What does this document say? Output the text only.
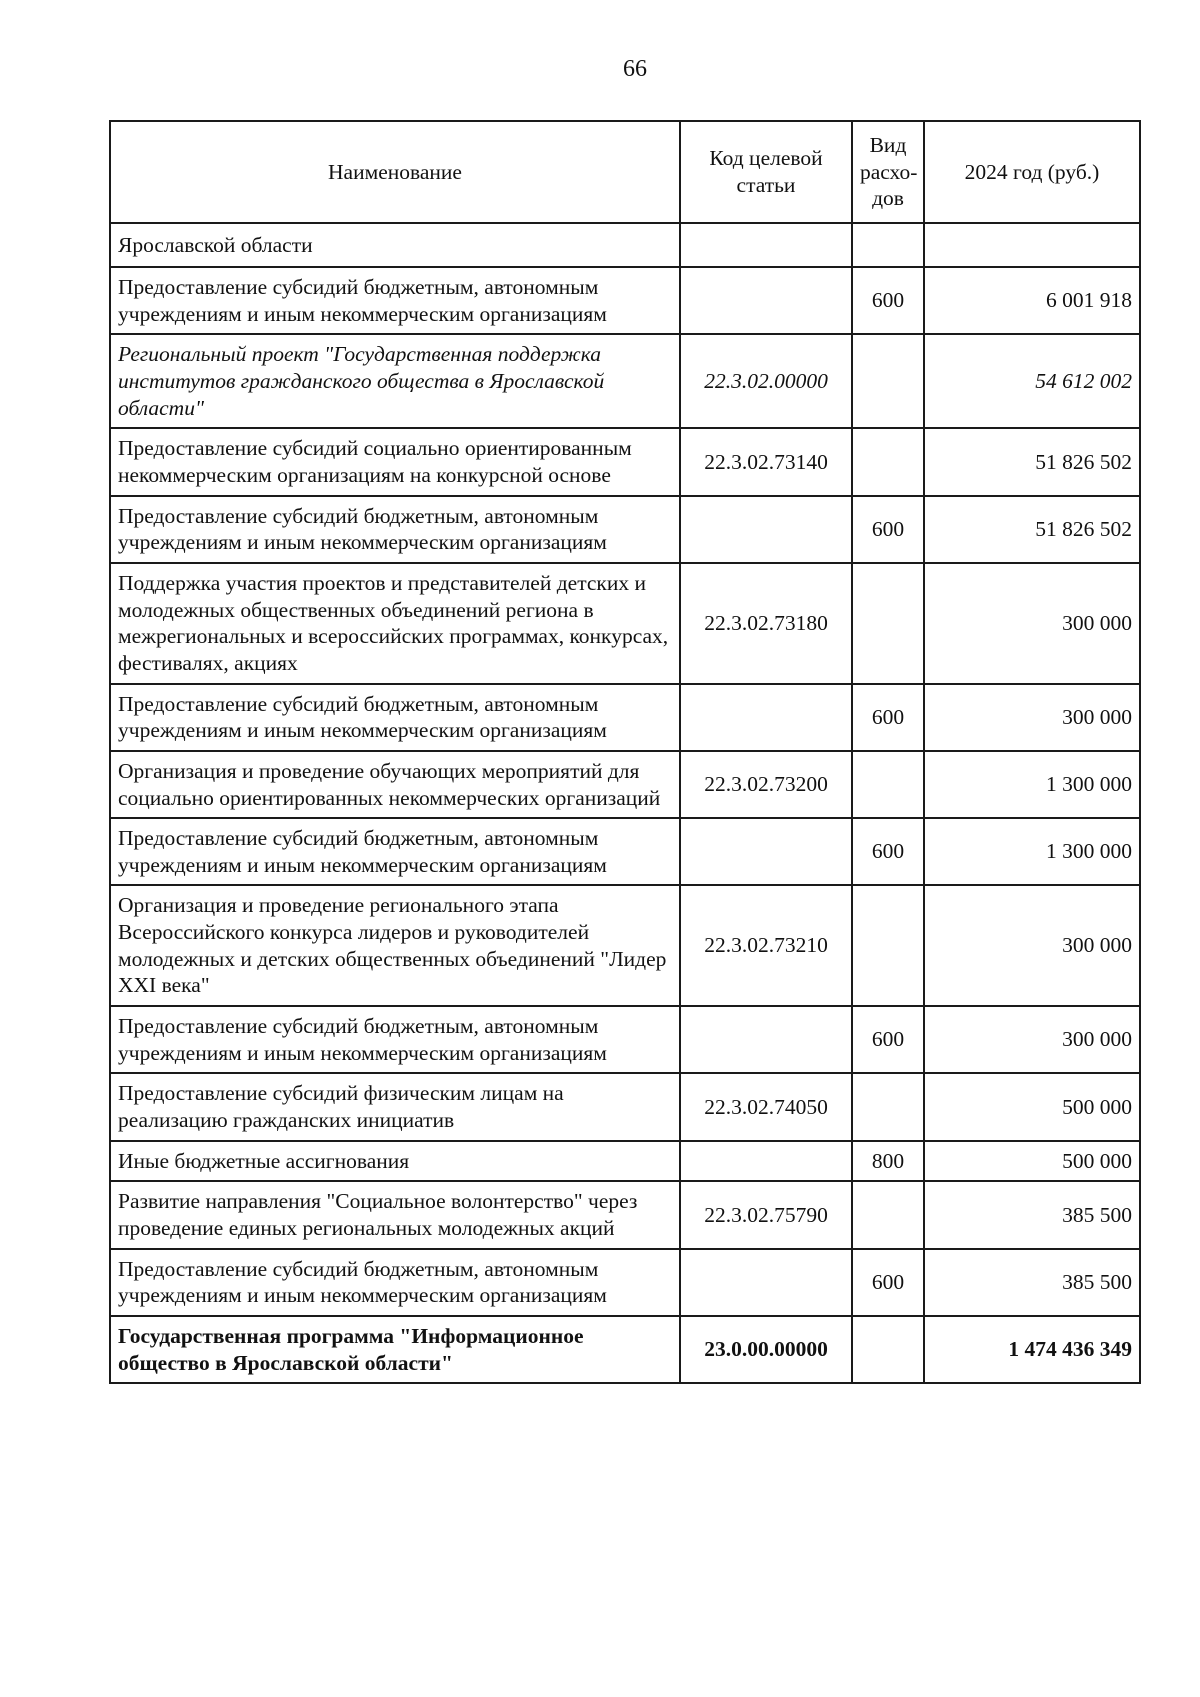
66
Наименование	Код целевой статьи	Вид расхо-дов	2024 год (руб.)
Ярославской области			
Предоставление субсидий бюджетным, автономным учреждениям и иным некоммерческим организациям		600	6 001 918
Региональный проект "Государственная поддержка институтов гражданского общества в Ярославской области"	22.3.02.00000		54 612 002
Предоставление субсидий социально ориентированным некоммерческим организациям на конкурсной основе	22.3.02.73140		51 826 502
Предоставление субсидий бюджетным, автономным учреждениям и иным некоммерческим организациям		600	51 826 502
Поддержка участия проектов и представителей детских и молодежных общественных объединений региона в межрегиональных и всероссийских программах, конкурсах, фестивалях, акциях	22.3.02.73180		300 000
Предоставление субсидий бюджетным, автономным учреждениям и иным некоммерческим организациям		600	300 000
Организация и проведение обучающих мероприятий для социально ориентированных некоммерческих организаций	22.3.02.73200		1 300 000
Предоставление субсидий бюджетным, автономным учреждениям и иным некоммерческим организациям		600	1 300 000
Организация и проведение регионального этапа Всероссийского конкурса лидеров и руководителей молодежных и детских общественных объединений "Лидер XXI века"	22.3.02.73210		300 000
Предоставление субсидий бюджетным, автономным учреждениям и иным некоммерческим организациям		600	300 000
Предоставление субсидий физическим лицам на реализацию гражданских инициатив	22.3.02.74050		500 000
Иные бюджетные ассигнования		800	500 000
Развитие направления "Социальное волонтерство" через проведение единых региональных молодежных акций	22.3.02.75790		385 500
Предоставление субсидий бюджетным, автономным учреждениям и иным некоммерческим организациям		600	385 500
Государственная программа "Информационное общество в Ярославской области"	23.0.00.00000		1 474 436 349
